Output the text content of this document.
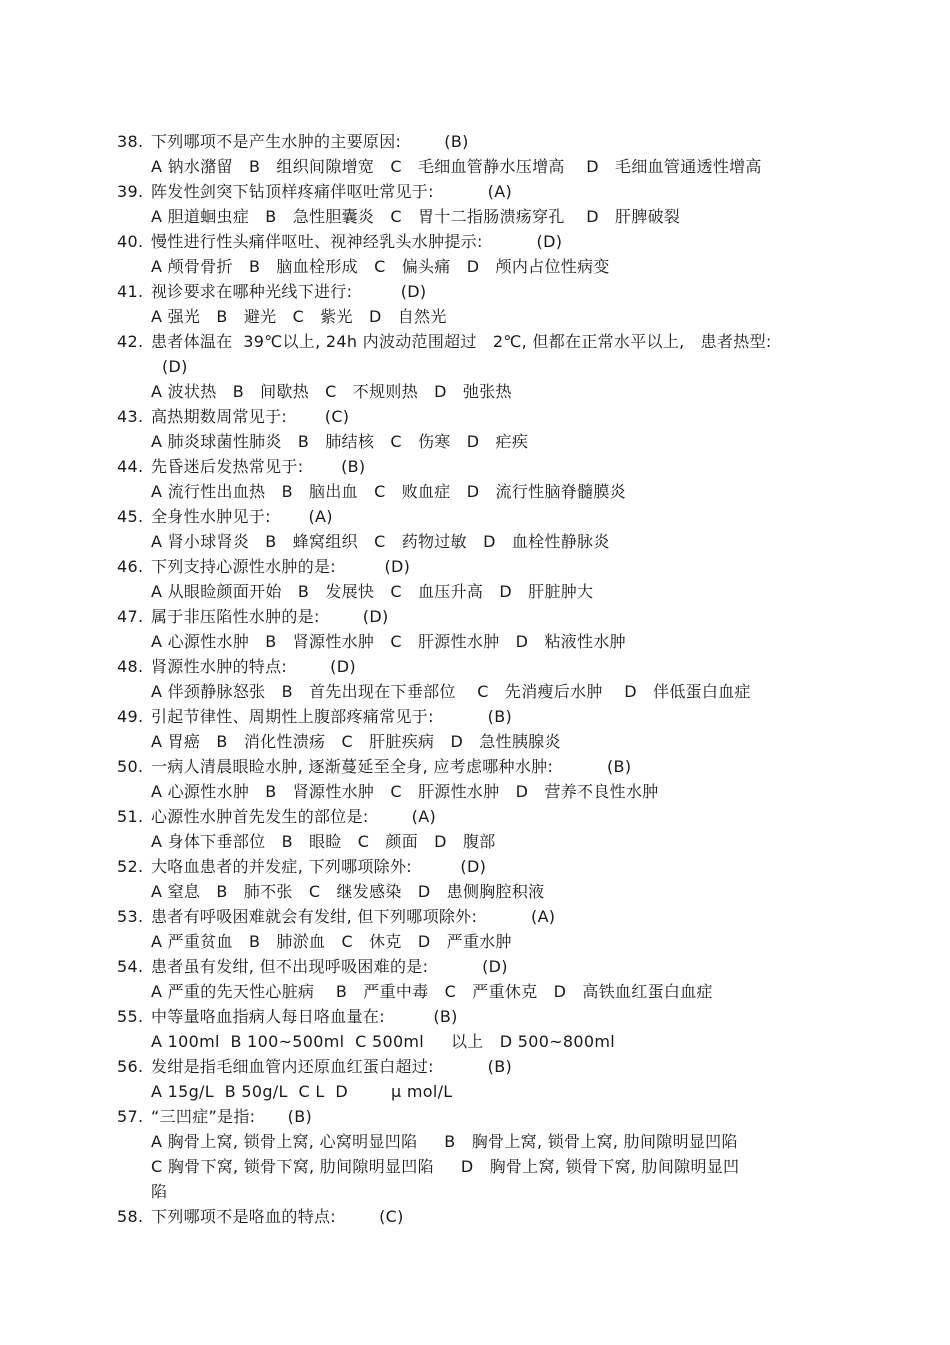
38. 下列哪项不是产生水肿的主要原因:        (B)
A 钠水潴留   B   组织间隙增宽   C   毛细血管静水压增高    D   毛细血管通透性增高
39. 阵发性剑突下钻顶样疼痛伴呕吐常见于:          (A)
A 胆道蛔虫症   B   急性胆囊炎   C   胃十二指肠溃疡穿孔    D   肝脾破裂
40. 慢性进行性头痛伴呕吐、视神经乳头水肿提示:          (D)
A 颅骨骨折   B   脑血栓形成   C   偏头痛   D   颅内占位性病变
41. 视诊要求在哪种光线下进行:         (D)
A 强光   B   避光   C   紫光   D   自然光
42. 患者体温在  39℃以上, 24h 内波动范围超过   2℃, 但都在正常水平以上,   患者热型:
(D)
A 波状热   B   间歇热   C   不规则热   D   弛张热
43. 高热期数周常见于:       (C)
A 肺炎球菌性肺炎   B   肺结核   C   伤寒   D   疟疾
44. 先昏迷后发热常见于:       (B)
A 流行性出血热   B   脑出血   C   败血症   D   流行性脑脊髓膜炎
45. 全身性水肿见于:       (A)
A 肾小球肾炎   B   蜂窝组织   C   药物过敏   D   血栓性静脉炎
46. 下列支持心源性水肿的是:         (D)
A 从眼睑颜面开始   B   发展快   C   血压升高   D   肝脏肿大
47. 属于非压陷性水肿的是:        (D)
A 心源性水肿   B   肾源性水肿   C   肝源性水肿   D   粘液性水肿
48. 肾源性水肿的特点:        (D)
A 伴颈静脉怒张   B   首先出现在下垂部位    C   先消瘦后水肿    D   伴低蛋白血症
49. 引起节律性、周期性上腹部疼痛常见于:          (B)
A 胃癌   B   消化性溃疡   C   肝脏疾病   D   急性胰腺炎
50. 一病人清晨眼睑水肿, 逐渐蔓延至全身, 应考虑哪种水肿:          (B)
A 心源性水肿   B   肾源性水肿   C   肝源性水肿   D   营养不良性水肿
51. 心源性水肿首先发生的部位是:        (A)
A 身体下垂部位   B   眼睑   C   颜面   D   腹部
52. 大咯血患者的并发症, 下列哪项除外:         (D)
A 窒息   B   肺不张   C   继发感染   D   患侧胸腔积液
53. 患者有呼吸困难就会有发绀, 但下列哪项除外:          (A)
A 严重贫血   B   肺淤血   C   休克   D   严重水肿
54. 患者虽有发绀, 但不出现呼吸困难的是:          (D)
A 严重的先天性心脏病    B   严重中毒   C   严重休克   D   高铁血红蛋白血症
55. 中等量咯血指病人每日咯血量在:         (B)
A 100ml  B 100~500ml  C 500ml     以上   D 500~800ml
56. 发绀是指毛细血管内还原血红蛋白超过:          (B)
A 15g/L  B 50g/L  C L  D        μ mol/L
57. “三凹症”是指:      (B)
A 胸骨上窝, 锁骨上窝, 心窝明显凹陷     B   胸骨上窝, 锁骨上窝, 肋间隙明显凹陷
C 胸骨下窝, 锁骨下窝, 肋间隙明显凹陷     D   胸骨上窝, 锁骨下窝, 肋间隙明显凹
陷
58. 下列哪项不是咯血的特点:        (C)
